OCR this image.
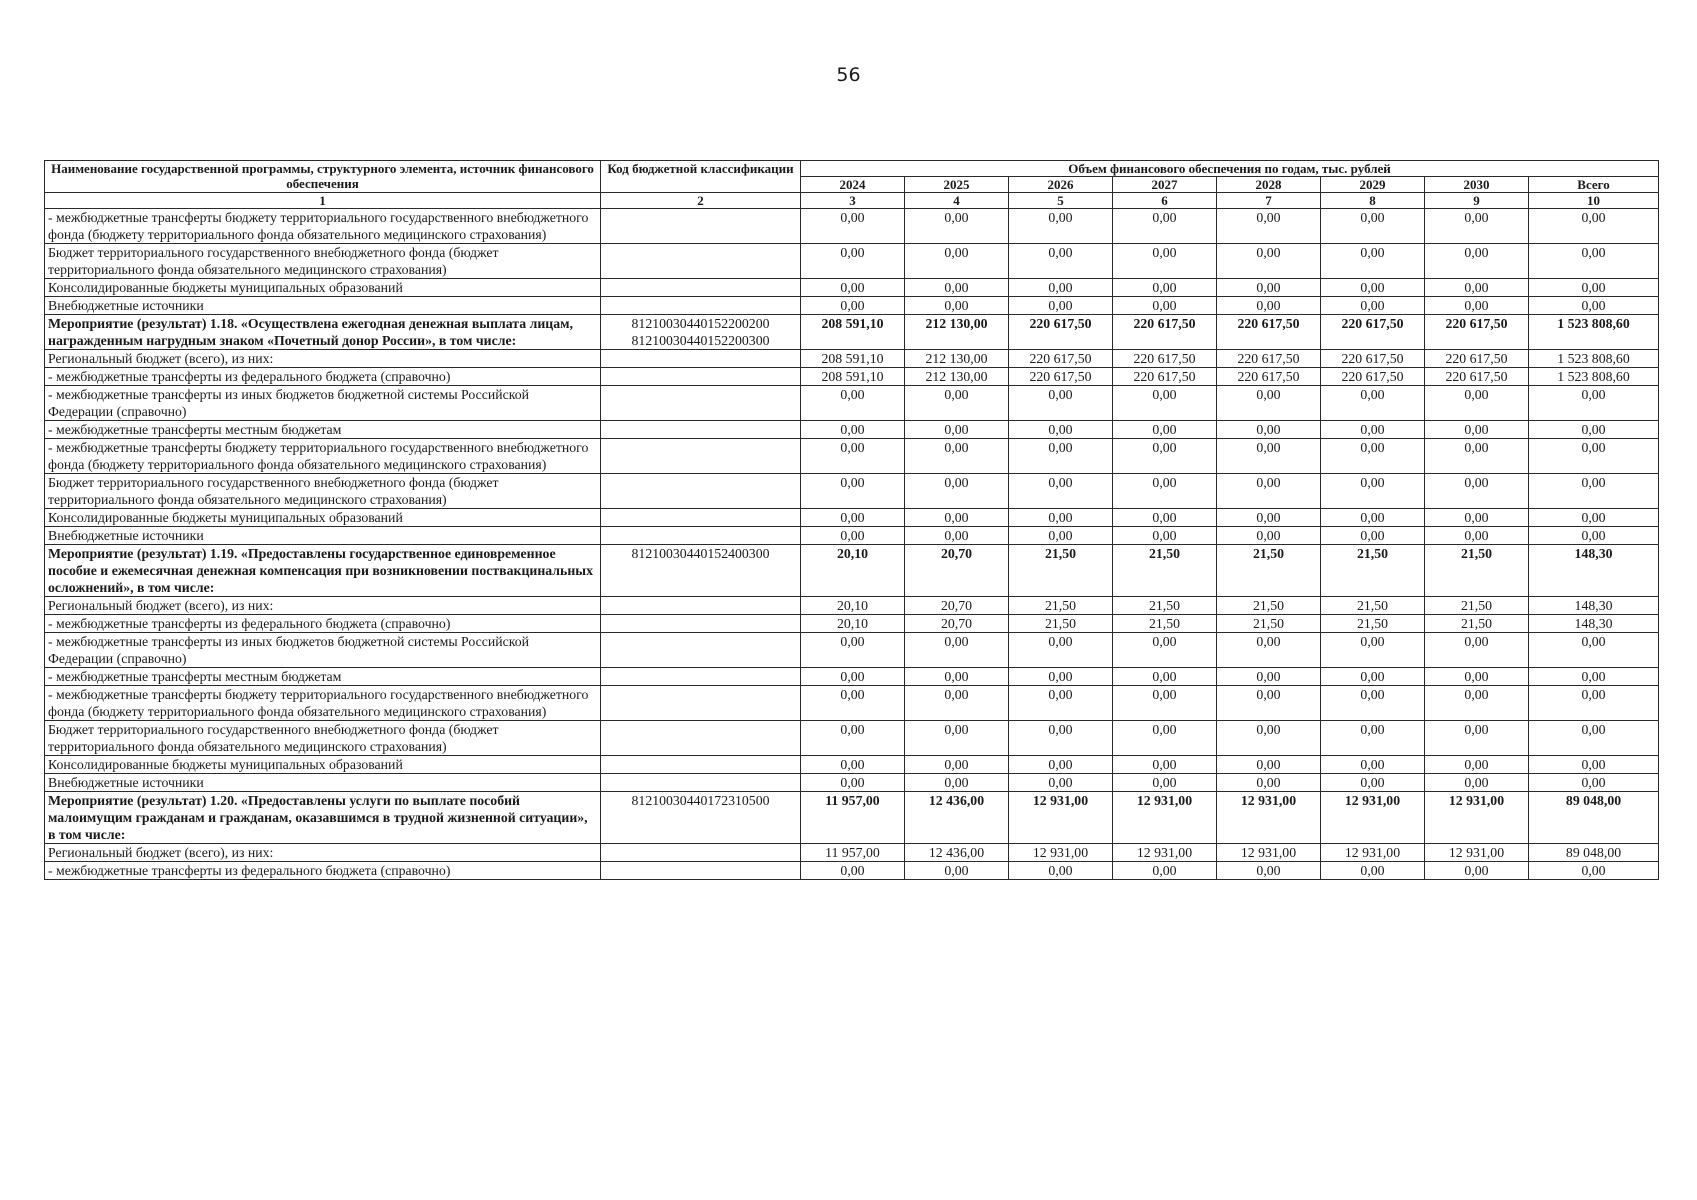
56
Наименование государственной программы, структурного элемента, источник финансового обеспечения	Код бюджетной классификации	Объем финансового обеспечения по годам, тыс. рублей							
		2024	2025	2026	2027	2028	2029	2030	Всего
1	2	3	4	5	6	7	8	9	10
- межбюджетные трансферты бюджету территориального государственного внебюджетного фонда (бюджету территориального фонда обязательного медицинского страхования)		0,00	0,00	0,00	0,00	0,00	0,00	0,00	0,00
Бюджет территориального государственного внебюджетного фонда (бюджет территориального фонда обязательного медицинского страхования)		0,00	0,00	0,00	0,00	0,00	0,00	0,00	0,00
Консолидированные бюджеты муниципальных образований		0,00	0,00	0,00	0,00	0,00	0,00	0,00	0,00
Внебюджетные источники		0,00	0,00	0,00	0,00	0,00	0,00	0,00	0,00
Мероприятие (результат) 1.18. «Осуществлена ежегодная денежная выплата лицам, награжденным нагрудным знаком «Почетный донор России», в том числе:	81210030440152200200 81210030440152200300	208 591,10	212 130,00	220 617,50	220 617,50	220 617,50	220 617,50	220 617,50	1 523 808,60
Региональный бюджет (всего), из них:		208 591,10	212 130,00	220 617,50	220 617,50	220 617,50	220 617,50	220 617,50	1 523 808,60
- межбюджетные трансферты из федерального бюджета (справочно)		208 591,10	212 130,00	220 617,50	220 617,50	220 617,50	220 617,50	220 617,50	1 523 808,60
- межбюджетные трансферты из иных бюджетов бюджетной системы Российской Федерации (справочно)		0,00	0,00	0,00	0,00	0,00	0,00	0,00	0,00
- межбюджетные трансферты местным бюджетам		0,00	0,00	0,00	0,00	0,00	0,00	0,00	0,00
- межбюджетные трансферты бюджету территориального государственного внебюджетного фонда (бюджету территориального фонда обязательного медицинского страхования)		0,00	0,00	0,00	0,00	0,00	0,00	0,00	0,00
Бюджет территориального государственного внебюджетного фонда (бюджет территориального фонда обязательного медицинского страхования)		0,00	0,00	0,00	0,00	0,00	0,00	0,00	0,00
Консолидированные бюджеты муниципальных образований		0,00	0,00	0,00	0,00	0,00	0,00	0,00	0,00
Внебюджетные источники		0,00	0,00	0,00	0,00	0,00	0,00	0,00	0,00
Мероприятие (результат) 1.19. «Предоставлены государственное единовременное пособие и ежемесячная денежная компенсация при возникновении поствакцинальных осложнений», в том числе:	81210030440152400300	20,10	20,70	21,50	21,50	21,50	21,50	21,50	148,30
Региональный бюджет (всего), из них:		20,10	20,70	21,50	21,50	21,50	21,50	21,50	148,30
- межбюджетные трансферты из федерального бюджета (справочно)		20,10	20,70	21,50	21,50	21,50	21,50	21,50	148,30
- межбюджетные трансферты из иных бюджетов бюджетной системы Российской Федерации (справочно)		0,00	0,00	0,00	0,00	0,00	0,00	0,00	0,00
- межбюджетные трансферты местным бюджетам		0,00	0,00	0,00	0,00	0,00	0,00	0,00	0,00
- межбюджетные трансферты бюджету территориального государственного внебюджетного фонда (бюджету территориального фонда обязательного медицинского страхования)		0,00	0,00	0,00	0,00	0,00	0,00	0,00	0,00
Бюджет территориального государственного внебюджетного фонда (бюджет территориального фонда обязательного медицинского страхования)		0,00	0,00	0,00	0,00	0,00	0,00	0,00	0,00
Консолидированные бюджеты муниципальных образований		0,00	0,00	0,00	0,00	0,00	0,00	0,00	0,00
Внебюджетные источники		0,00	0,00	0,00	0,00	0,00	0,00	0,00	0,00
Мероприятие (результат) 1.20. «Предоставлены услуги по выплате пособий малоимущим гражданам и гражданам, оказавшимся в трудной жизненной ситуации», в том числе:	81210030440172310500	11 957,00	12 436,00	12 931,00	12 931,00	12 931,00	12 931,00	12 931,00	89 048,00
Региональный бюджет (всего), из них:		11 957,00	12 436,00	12 931,00	12 931,00	12 931,00	12 931,00	12 931,00	89 048,00
- межбюджетные трансферты из федерального бюджета (справочно)		0,00	0,00	0,00	0,00	0,00	0,00	0,00	0,00
